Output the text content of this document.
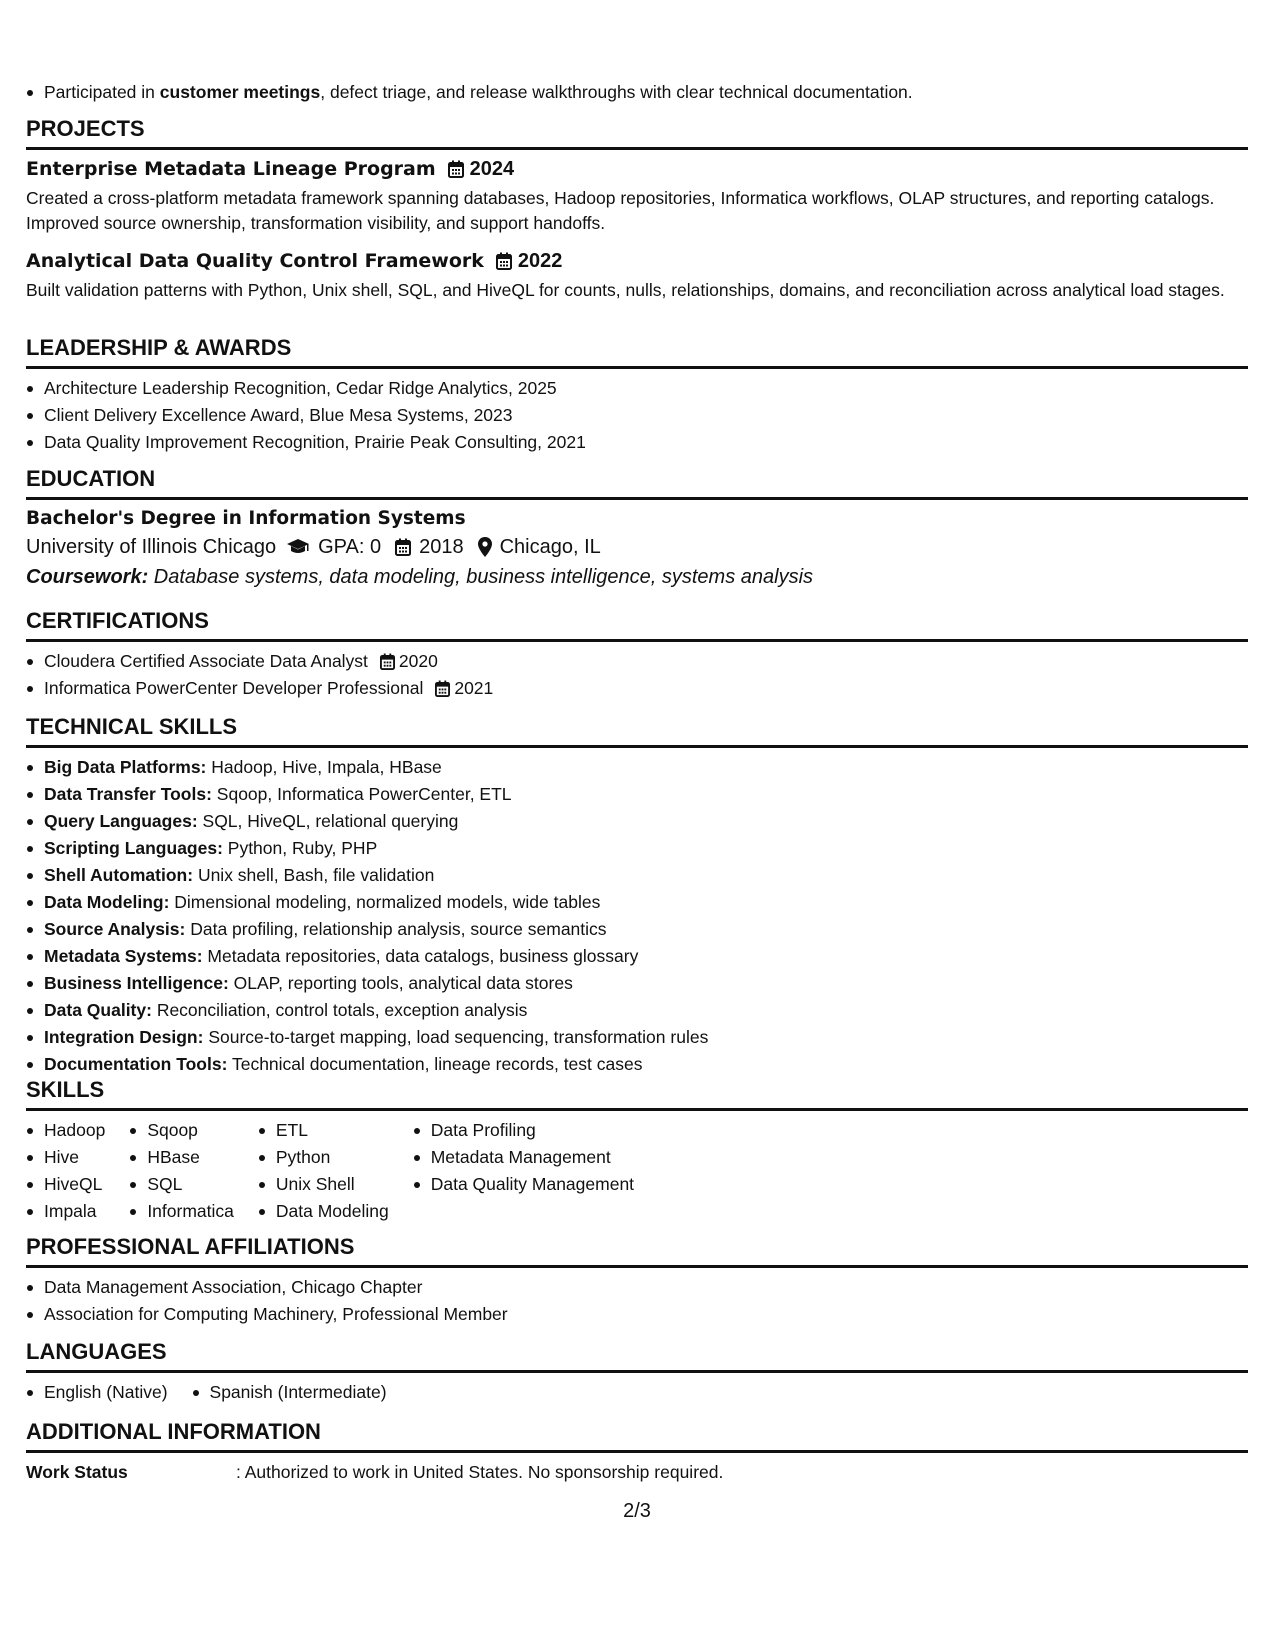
Participated in customer meetings, defect triage, and release walkthroughs with clear technical documentation.
PROJECTS
Enterprise Metadata Lineage Program 2024

Created a cross-platform metadata framework spanning databases, Hadoop repositories, Informatica workflows, OLAP structures, and reporting catalogs. Improved source ownership, transformation visibility, and support handoffs.

Analytical Data Quality Control Framework 2022

Built validation patterns with Python, Unix shell, SQL, and HiveQL for counts, nulls, relationships, domains, and reconciliation across analytical load stages.

LEADERSHIP & AWARDS
Architecture Leadership Recognition, Cedar Ridge Analytics, 2025
Client Delivery Excellence Award, Blue Mesa Systems, 2023
Data Quality Improvement Recognition, Prairie Peak Consulting, 2021
EDUCATION
Bachelor's Degree in Information Systems
University of Illinois Chicago GPA: 0 2018 Chicago, IL
Coursework: Database systems, data modeling, business intelligence, systems analysis
CERTIFICATIONS
Cloudera Certified Associate Data Analyst 2020
Informatica PowerCenter Developer Professional 2021
TECHNICAL SKILLS
Big Data Platforms: Hadoop, Hive, Impala, HBase
Data Transfer Tools: Sqoop, Informatica PowerCenter, ETL
Query Languages: SQL, HiveQL, relational querying
Scripting Languages: Python, Ruby, PHP
Shell Automation: Unix shell, Bash, file validation
Data Modeling: Dimensional modeling, normalized models, wide tables
Source Analysis: Data profiling, relationship analysis, source semantics
Metadata Systems: Metadata repositories, data catalogs, business glossary
Business Intelligence: OLAP, reporting tools, analytical data stores
Data Quality: Reconciliation, control totals, exception analysis
Integration Design: Source-to-target mapping, load sequencing, transformation rules
Documentation Tools: Technical documentation, lineage records, test cases
SKILLS
Hadoop
Hive
HiveQL
Impala
Sqoop
HBase
SQL
Informatica
ETL
Python
Unix Shell
Data Modeling
Data Profiling
Metadata Management
Data Quality Management
PROFESSIONAL AFFILIATIONS
Data Management Association, Chicago Chapter
Association for Computing Machinery, Professional Member
LANGUAGES
English (Native)	Spanish (Intermediate)
ADDITIONAL INFORMATION
Work Status	: Authorized to work in United States. No sponsorship required.
2/3
